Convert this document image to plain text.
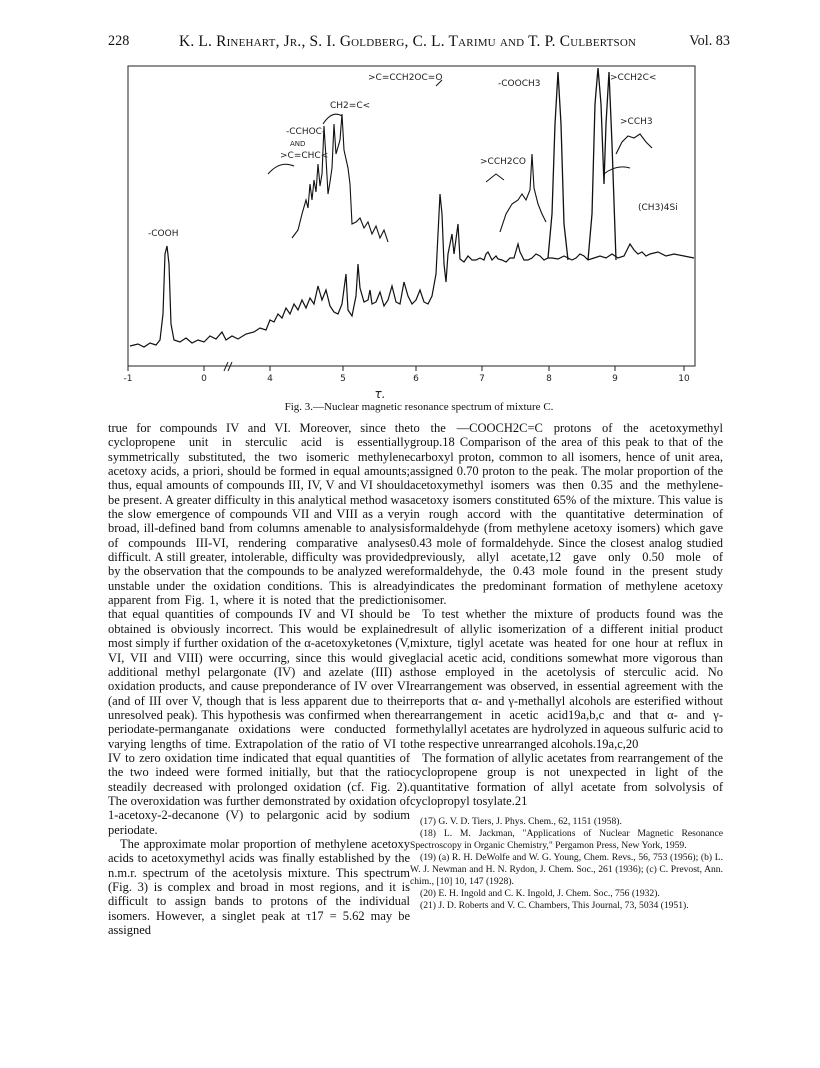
228	K. L. Rinehart, Jr., S. I. Goldberg, C. L. Tarimu and T. P. Culbertson	Vol. 83
-1	0	4	5	6	7	8	9	10
τ.
-COOH
CH2=C<
-CCHOC-
AND
>C=CHC<
>C=CCH2OC=O
-COOCH3
>CCH2CO
>CCH2C<
>CCH3
(CH3)4Si
Fig. 3.—Nuclear magnetic resonance spectrum of mixture C.

true for compounds IV and VI. Moreover, since the cyclopropene unit in sterculic acid is essentially symmetrically substituted, the two isomeric methylene acetoxy acids, a priori, should be formed in equal amounts; thus, equal amounts of compounds III, IV, V and VI should be present. A greater difficulty in this analytical method was the slow emergence of compounds VII and VIII as a very broad, ill-defined band from columns amenable to analysis of compounds III-VI, rendering comparative analyses difficult. A still greater, intolerable, difficulty was provided by the observation that the compounds to be analyzed were unstable under the oxidation conditions. This is already apparent from Fig. 1, where it is noted that the prediction that equal quantities of compounds IV and VI should be obtained is obviously incorrect. This would be explained most simply if further oxidation of the α-acetoxyketones (V, VI, VII and VIII) were occurring, since this would give additional methyl pelargonate (IV) and azelate (III) as oxidation products, and cause preponderance of IV over VI (and of III over V, though that is less apparent due to their unresolved peak). This hypothesis was confirmed when the periodate-permanganate oxidations were conducted for varying lengths of time. Extrapolation of the ratio of VI to IV to zero oxidation time indicated that equal quantities of the two indeed were formed initially, but that the ratio steadily decreased with prolonged oxidation (cf. Fig. 2). The overoxidation was further demonstrated by oxidation of 1-acetoxy-2-decanone (V) to pelargonic acid by sodium periodate.

The approximate molar proportion of methylene acetoxy acids to acetoxymethyl acids was finally established by the n.m.r. spectrum of the acetolysis mixture. This spectrum (Fig. 3) is complex and broad in most regions, and it is difficult to assign bands to protons of the individual isomers. However, a singlet peak at τ17 = 5.62 may be assigned

to the —COOCH2C=C protons of the acetoxymethyl group.18 Comparison of the area of this peak to that of the carboxyl proton, common to all isomers, hence of unit area, assigned 0.70 proton to the peak. The molar proportion of the acetoxymethyl isomers was then 0.35 and the methylene-acetoxy isomers constituted 65% of the mixture. This value is in rough accord with the quantitative determination of formaldehyde (from methylene acetoxy isomers) which gave 0.43 mole of formaldehyde. Since the closest analog studied previously, allyl acetate,12 gave only 0.50 mole of formaldehyde, the 0.43 mole found in the present study indicates the predominant formation of methylene acetoxy isomer.

To test whether the mixture of products found was the result of allylic isomerization of a different initial product mixture, tiglyl acetate was heated for one hour at reflux in glacial acetic acid, conditions somewhat more vigorous than those employed in the acetolysis of sterculic acid. No rearrangement was observed, in essential agreement with the reports that α- and γ-methallyl alcohols are esterified without rearrangement in acetic acid19a,b,c and that α- and γ-methylallyl acetates are hydrolyzed in aqueous sulfuric acid to the respective unrearranged alcohols.19a,c,20

The formation of allylic acetates from rearrangement of the cyclopropene group is not unexpected in light of the quantitative formation of allyl acetate from solvolysis of cyclopropyl tosylate.21

(17) G. V. D. Tiers, J. Phys. Chem., 62, 1151 (1958).
(18) L. M. Jackman, "Applications of Nuclear Magnetic Resonance Spectroscopy in Organic Chemistry," Pergamon Press, New York, 1959.
(19) (a) R. H. DeWolfe and W. G. Young, Chem. Revs., 56, 753 (1956); (b) L. W. J. Newman and H. N. Rydon, J. Chem. Soc., 261 (1936); (c) C. Prevost, Ann. chim., [10] 10, 147 (1928).
(20) E. H. Ingold and C. K. Ingold, J. Chem. Soc., 756 (1932).
(21) J. D. Roberts and V. C. Chambers, This Journal, 73, 5034 (1951).
